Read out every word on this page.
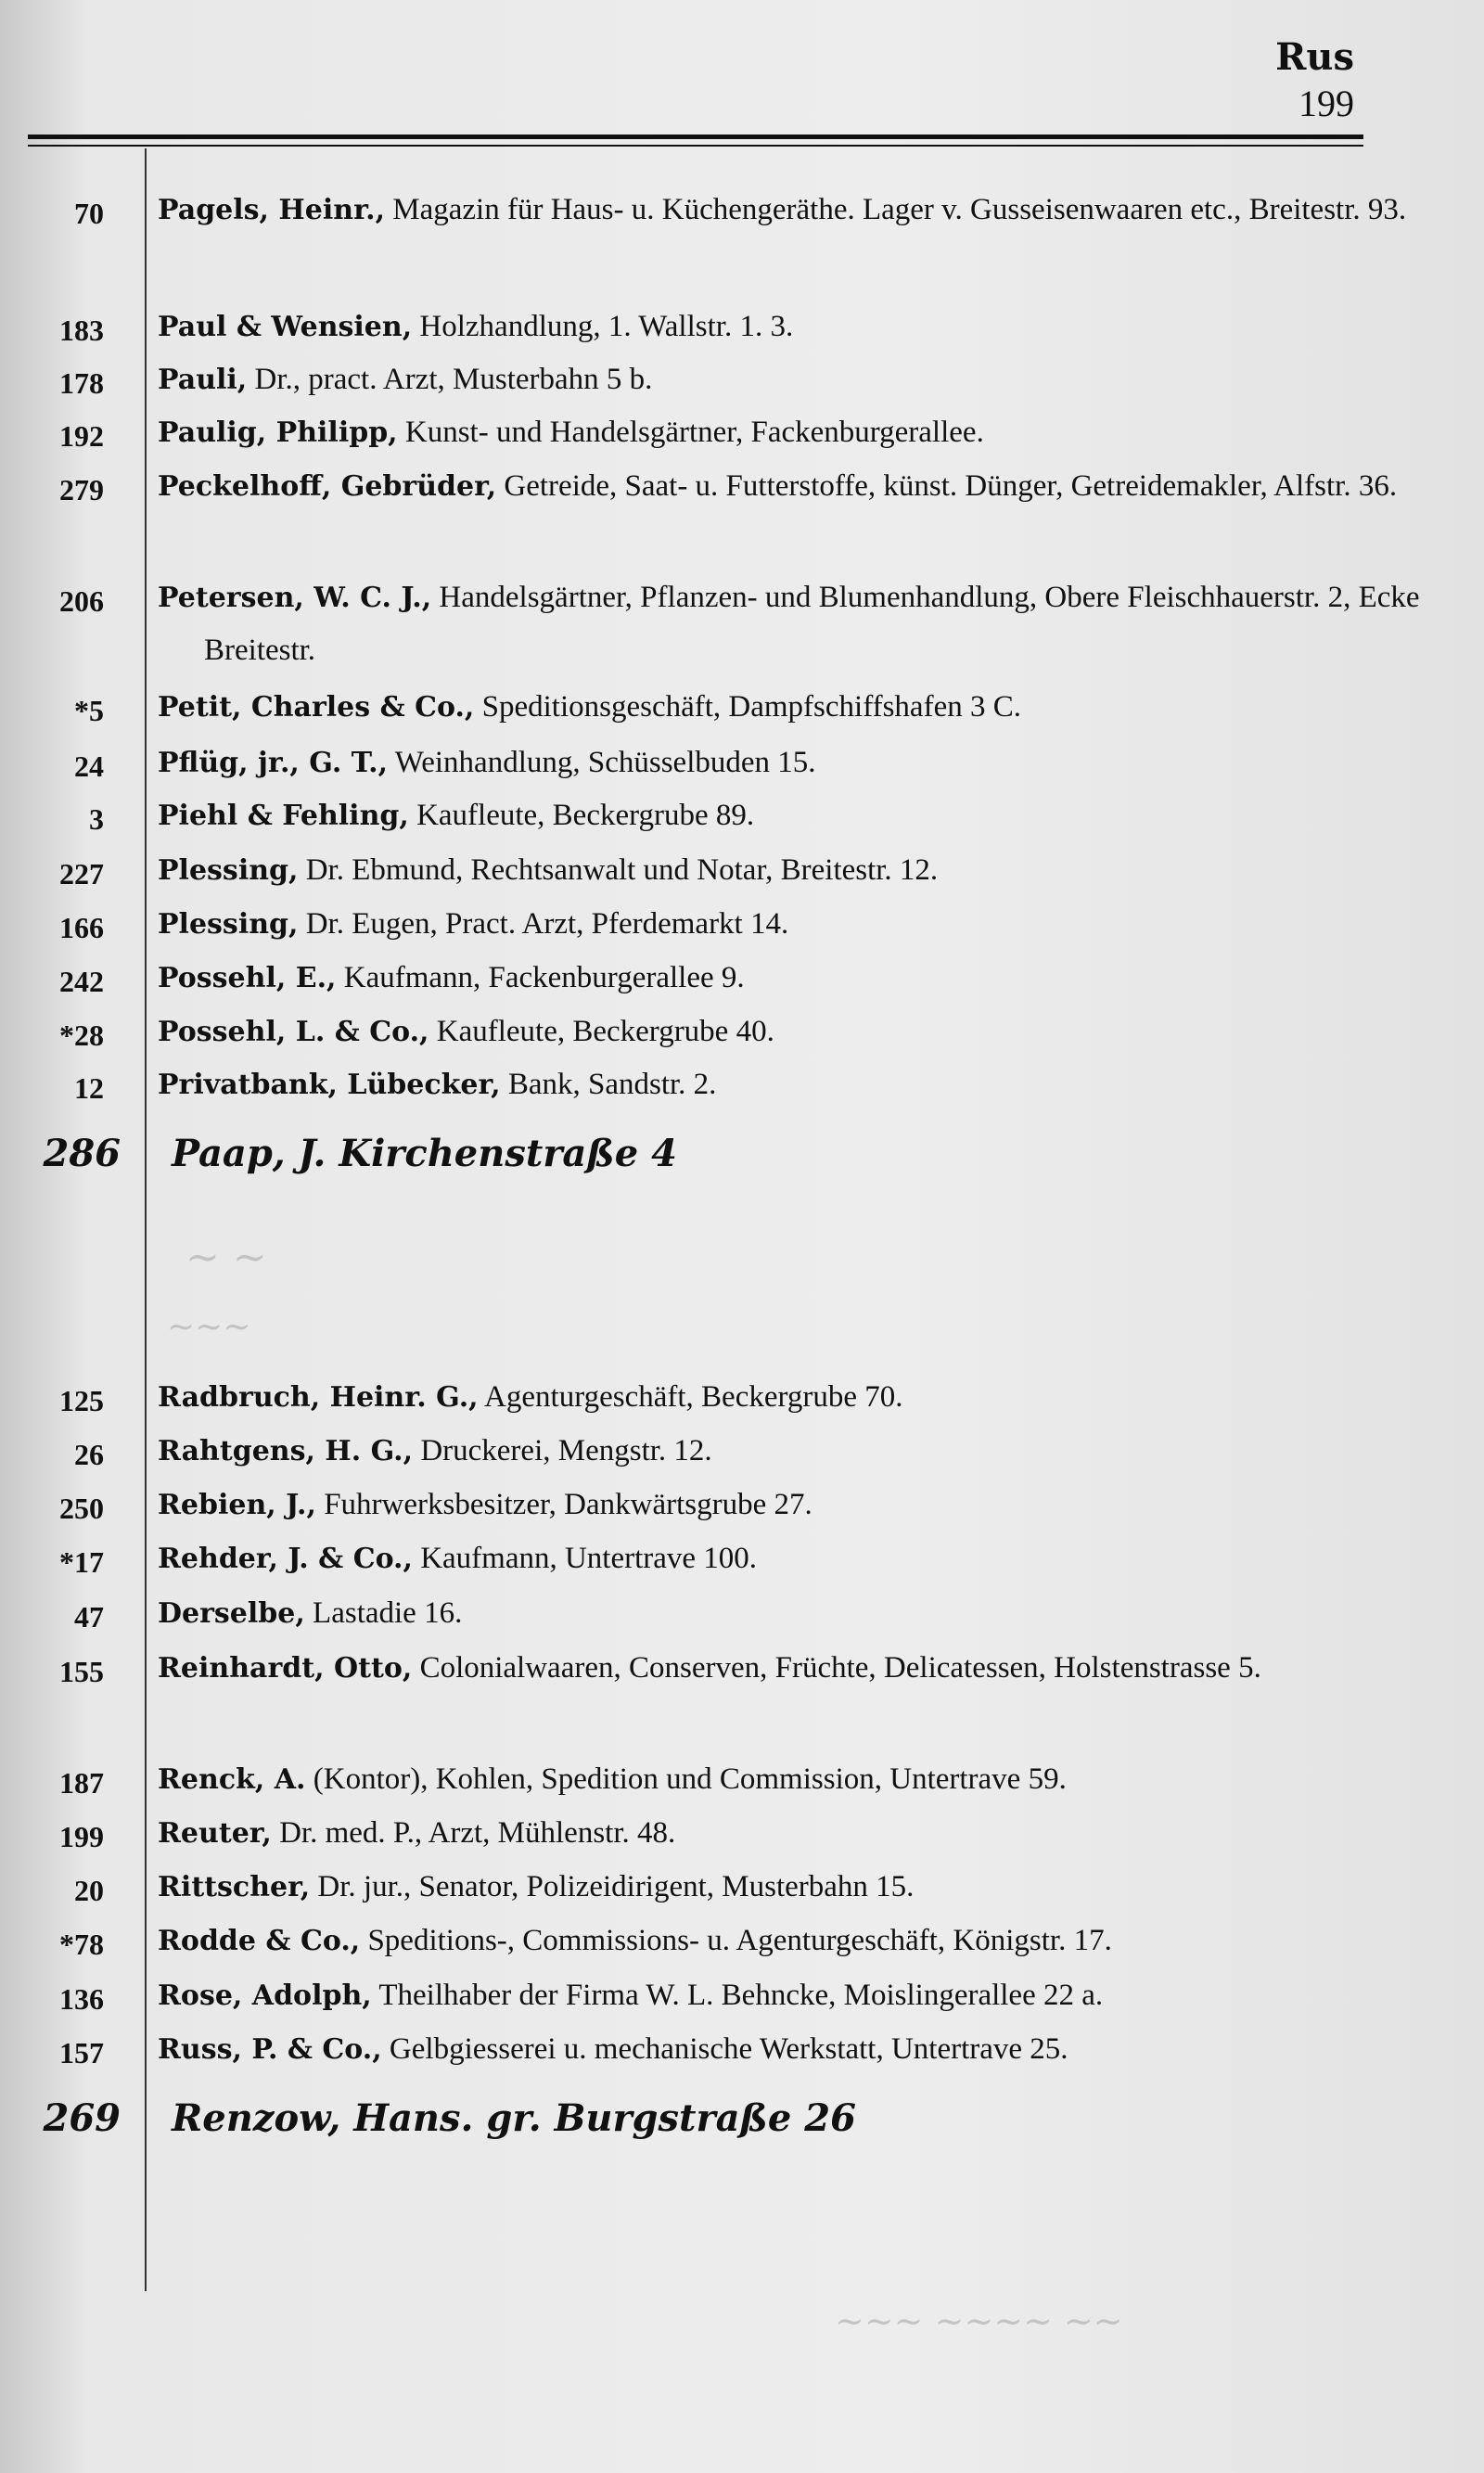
Rus
199
70 Pagels, Heinr., Magazin für Haus- u. Küchengeräthe. Lager v. Gusseisenwaaren etc., Breitestr. 93.
183 Paul & Wensien, Holzhandlung, 1. Wallstr. 1. 3.
178 Pauli, Dr., pract. Arzt, Musterbahn 5 b.
192 Paulig, Philipp, Kunst- und Handelsgärtner, Fackenburgerallee.
279 Peckelhoff, Gebrüder, Getreide, Saat- u. Futterstoffe, künst. Dünger, Getreidemakler, Alfstr. 36.
206 Petersen, W. C. J., Handelsgärtner, Pflanzen- und Blumenhandlung, Obere Fleischhauerstr. 2, Ecke Breitestr.
*5 Petit, Charles & Co., Speditionsgeschäft, Dampfschiffshafen 3 C.
24 Pflüg, jr., G. T., Weinhandlung, Schüsselbuden 15.
3 Piehl & Fehling, Kaufleute, Beckergrube 89.
227 Plessing, Dr. Ebmund, Rechtsanwalt und Notar, Breitestr. 12.
166 Plessing, Dr. Eugen, Pract. Arzt, Pferdemarkt 14.
242 Possehl, E., Kaufmann, Fackenburgerallee 9.
*28 Possehl, L. & Co., Kaufleute, Beckergrube 40.
12 Privatbank, Lübecker, Bank, Sandstr. 2.
286 Paap, J. Kirchenstraße 4
~ ~
~~~
125 Radbruch, Heinr. G., Agenturgeschäft, Beckergrube 70.
26 Rahtgens, H. G., Druckerei, Mengstr. 12.
250 Rebien, J., Fuhrwerksbesitzer, Dankwärtsgrube 27.
*17 Rehder, J. & Co., Kaufmann, Untertrave 100.
47 Derselbe, Lastadie 16.
155 Reinhardt, Otto, Colonialwaaren, Conserven, Früchte, Delicatessen, Holstenstrasse 5.
187 Renck, A. (Kontor), Kohlen, Spedition und Commission, Untertrave 59.
199 Reuter, Dr. med. P., Arzt, Mühlenstr. 48.
20 Rittscher, Dr. jur., Senator, Polizeidirigent, Musterbahn 15.
*78 Rodde & Co., Speditions-, Commissions- u. Agenturgeschäft, Königstr. 17.
136 Rose, Adolph, Theilhaber der Firma W. L. Behncke, Moislingerallee 22 a.
157 Russ, P. & Co., Gelbgiesserei u. mechanische Werkstatt, Untertrave 25.
269 Renzow, Hans. gr. Burgstraße 26
~~~ ~~~~ ~~
